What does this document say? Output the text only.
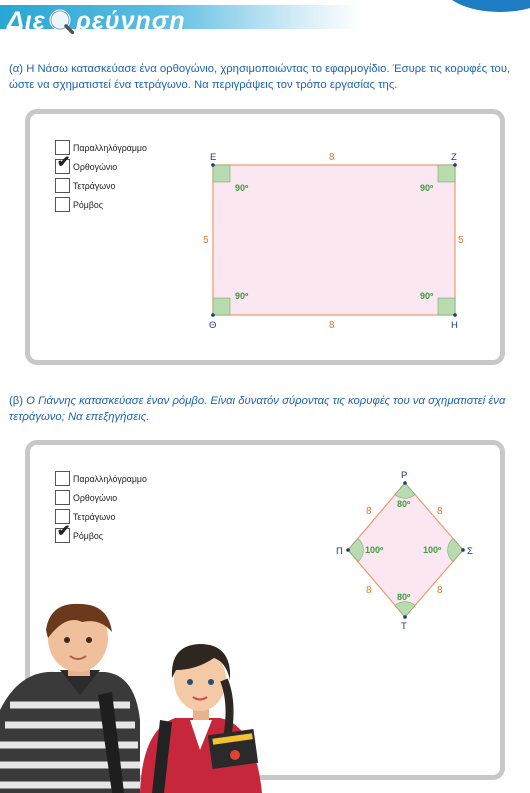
Διε ρεύνηση
(α) Η Νάσω κατασκεύασε ένα ορθογώνιο, χρησιμοποιώντας το εφαρμογίδιο. Έσυρε τις κορυφές του, ώστε να σχηματιστεί ένα τετράγωνο. Να περιγράψεις τον τρόπο εργασίας της.
Παραλληλόγραμμο
✔ Ορθογώνιο
Τετράγωνο
Ρόμβος
Ε	Ζ
Θ	Η
8
8
5	5
90º	90º
90º	90º
(β) Ο Γιάννης κατασκεύασε έναν ρόμβο. Είναι δυνατόν σύροντας τις κορυφές του να σχηματιστεί ένα τετράγωνο; Να επεξηγήσεις.
Παραλληλόγραμμο
Ορθογώνιο
Τετράγωνο
✔ Ρόμβος
Ρ
Π	Σ
Τ
8	8
8	8
80º
100º	100º
80º
